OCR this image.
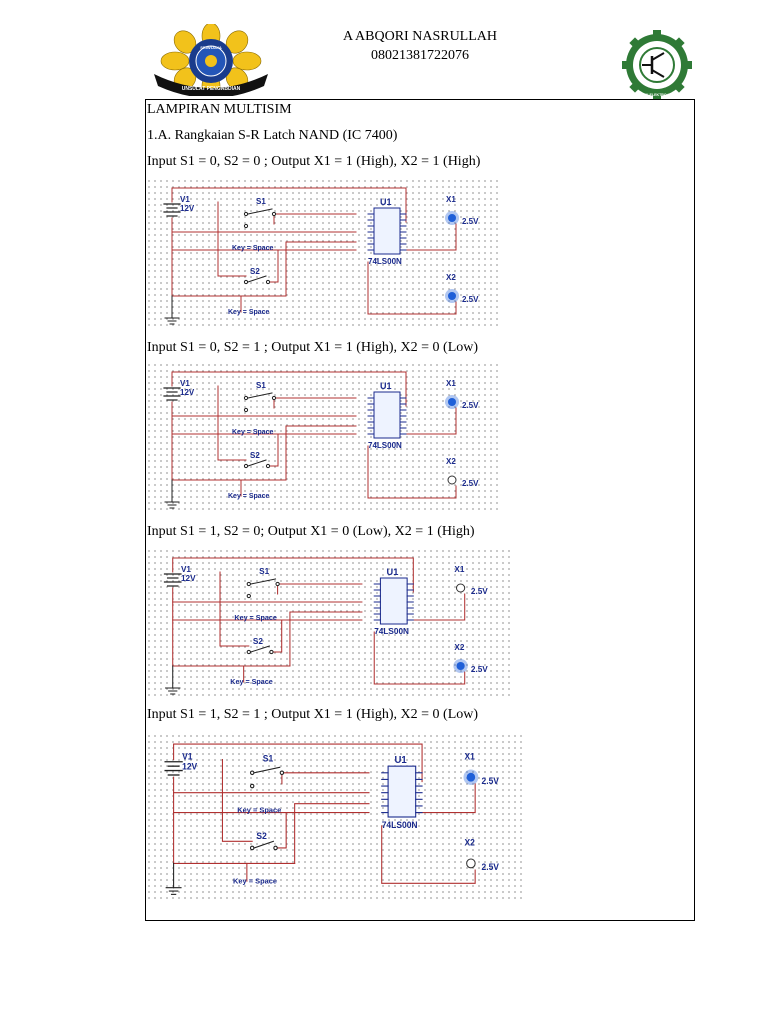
A ABQORI NASRULLAH
08021381722076
SRIWIJAYA
UNSULAT PENGABDIAN
TEKNIK ELEKTRO UNSRI
LAMPIRAN MULTISIM
1.A. Rangkaian S-R Latch NAND (IC 7400)
Input S1 = 0, S2 = 0 ; Output X1 = 1 (High), X2 = 1 (High)
V1
12V
S1
Key = Space
S2
Key = Space
U1
74LS00N
X1
2.5V
X2
2.5V
Input S1 = 0, S2 = 1 ; Output X1 = 1 (High), X2 = 0 (Low)
V1
12V
S1
Key = Space
S2
Key = Space
U1
74LS00N
X1
2.5V
X2
2.5V
Input S1 = 1, S2 = 0; Output X1 = 0 (Low), X2 = 1 (High)
V1
12V
S1
Key = Space
S2
Key = Space
U1
74LS00N
X1
2.5V
X2
2.5V
Input S1 = 1, S2 = 1 ; Output X1 = 1 (High), X2 = 0 (Low)
V1
12V
S1
Key = Space
S2
Key = Space
U1
74LS00N
X1
2.5V
X2
2.5V
